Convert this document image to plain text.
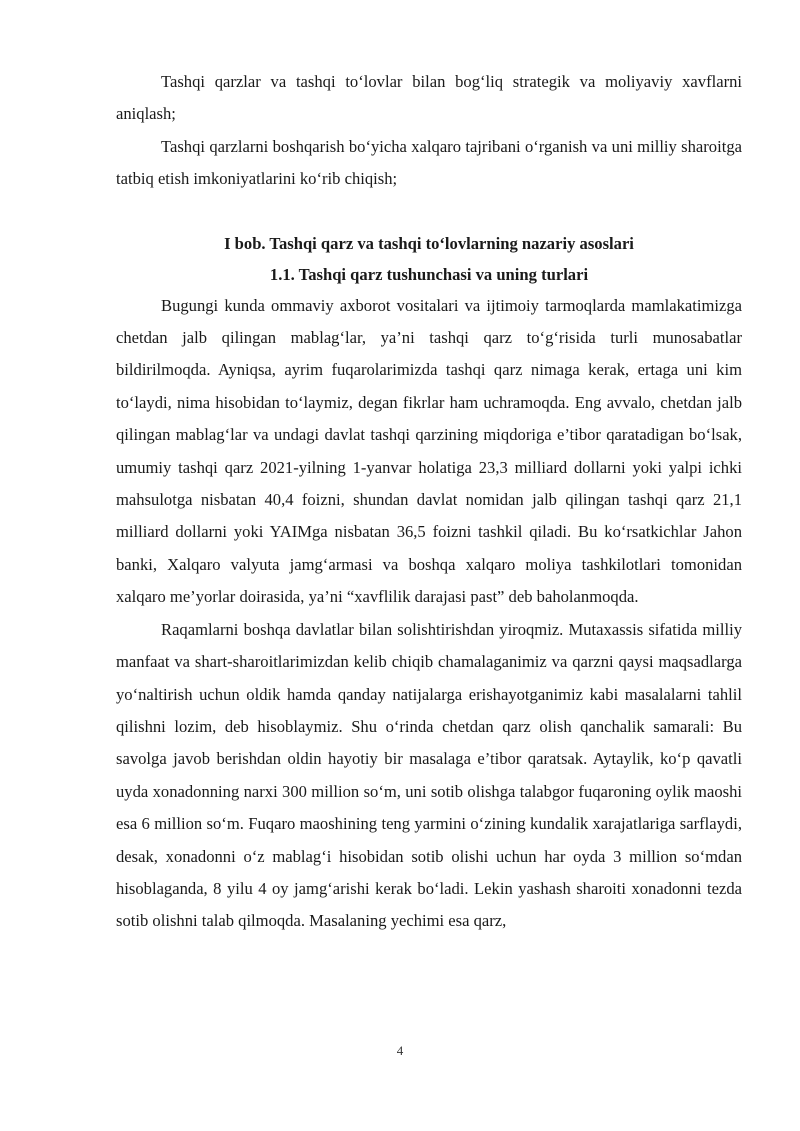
Tashqi qarzlar va tashqi to‘lovlar bilan bog‘liq strategik va moliyaviy xavflarni aniqlash;

Tashqi qarzlarni boshqarish bo‘yicha xalqaro tajribani o‘rganish va uni milliy sharoitga tatbiq etish imkoniyatlarini ko‘rib chiqish;

I bob. Tashqi qarz va tashqi to‘lovlarning nazariy asoslari
1.1. Tashqi qarz tushunchasi va uning turlari

Bugungi kunda ommaviy axborot vositalari va ijtimoiy tarmoqlarda mamlakatimizga chetdan jalb qilingan mablag‘lar, ya’ni tashqi qarz to‘g‘risida turli munosabatlar bildirilmoqda. Ayniqsa, ayrim fuqarolarimizda tashqi qarz nimaga kerak, ertaga uni kim to‘laydi, nima hisobidan to‘laymiz, degan fikrlar ham uchramoqda. Eng avvalo, chetdan jalb qilingan mablag‘lar va undagi davlat tashqi qarzining miqdoriga e’tibor qaratadigan bo‘lsak, umumiy tashqi qarz 2021-yilning 1-yanvar holatiga 23,3 milliard dollarni yoki yalpi ichki mahsulotga nisbatan 40,4 foizni, shundan davlat nomidan jalb qilingan tashqi qarz 21,1 milliard dollarni yoki YAIMga nisbatan 36,5 foizni tashkil qiladi. Bu ko‘rsatkichlar Jahon banki, Xalqaro valyuta jamg‘armasi va boshqa xalqaro moliya tashkilotlari tomonidan xalqaro me’yorlar doirasida, ya’ni “xavflilik darajasi past” deb baholanmoqda.

Raqamlarni boshqa davlatlar bilan solishtirishdan yiroqmiz. Mutaxassis sifatida milliy manfaat va shart-sharoitlarimizdan kelib chiqib chamalaganimiz va qarzni qaysi maqsadlarga yo‘naltirish uchun oldik hamda qanday natijalarga erishayotganimiz kabi masalalarni tahlil qilishni lozim, deb hisoblaymiz. Shu o‘rinda chetdan qarz olish qanchalik samarali: Bu savolga javob berishdan oldin hayotiy bir masalaga e’tibor qaratsak. Aytaylik, ko‘p qavatli uyda xonadonning narxi 300 million so‘m, uni sotib olishga talabgor fuqaroning oylik maoshi esa 6 million so‘m. Fuqaro maoshining teng yarmini o‘zining kundalik xarajatlariga sarflaydi, desak, xonadonni o‘z mablag‘i hisobidan sotib olishi uchun har oyda 3 million so‘mdan hisoblaganda, 8 yilu 4 oy jamg‘arishi kerak bo‘ladi. Lekin yashash sharoiti xonadonni tezda sotib olishni talab qilmoqda. Masalaning yechimi esa qarz,

4
